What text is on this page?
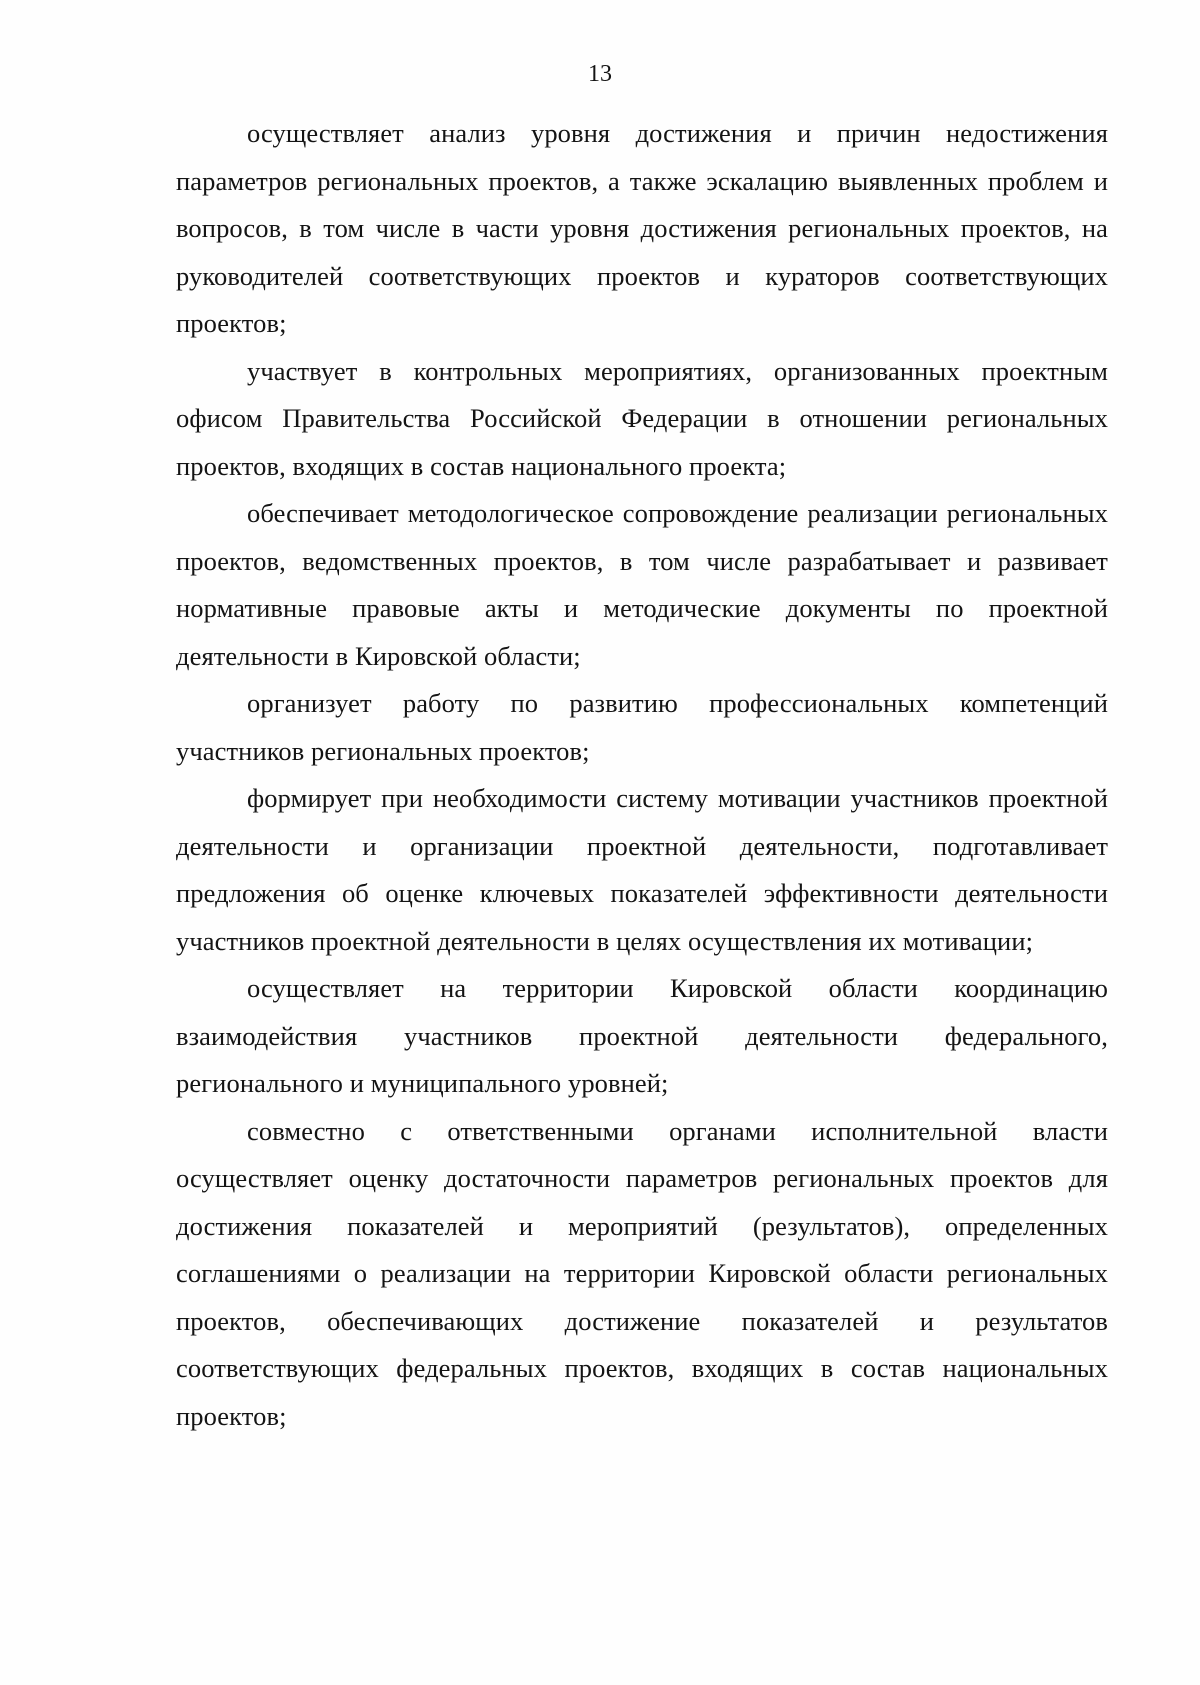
13

осуществляет анализ уровня достижения и причин недостижения параметров региональных проектов, а также эскалацию выявленных проблем и вопросов, в том числе в части уровня достижения региональных проектов, на руководителей соответствующих проектов и кураторов соответствующих проектов;

участвует в контрольных мероприятиях, организованных проектным офисом Правительства Российской Федерации в отношении региональных проектов, входящих в состав национального проекта;

обеспечивает методологическое сопровождение реализации региональных проектов, ведомственных проектов, в том числе разрабатывает и развивает нормативные правовые акты и методические документы по проектной деятельности в Кировской области;

организует работу по развитию профессиональных компетенций участников региональных проектов;

формирует при необходимости систему мотивации участников проектной деятельности и организации проектной деятельности, подготавливает предложения об оценке ключевых показателей эффективности деятельности участников проектной деятельности в целях осуществления их мотивации;

осуществляет на территории Кировской области координацию взаимодействия участников проектной деятельности федерального, регионального и муниципального уровней;

совместно с ответственными органами исполнительной власти осуществляет оценку достаточности параметров региональных проектов для достижения показателей и мероприятий (результатов), определенных соглашениями о реализации на территории Кировской области региональных проектов, обеспечивающих достижение показателей и результатов соответствующих федеральных проектов, входящих в состав национальных проектов;
